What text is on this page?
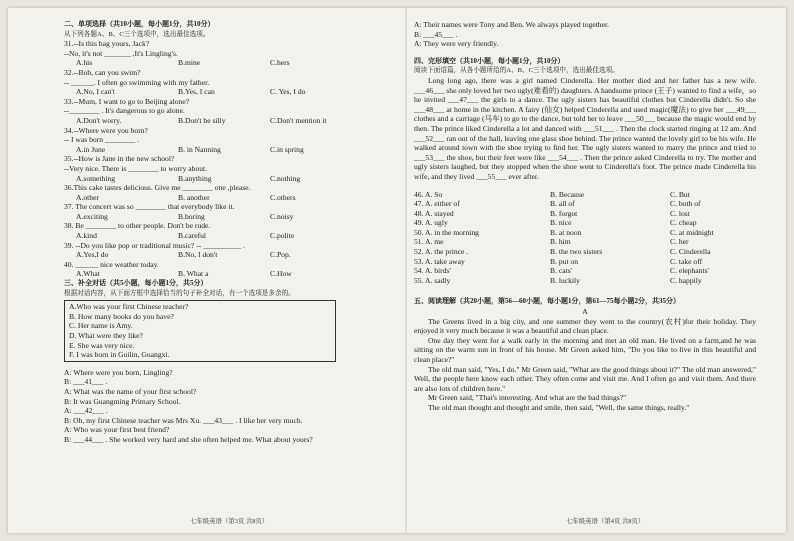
二、单项选择（共10小题，每小题1分，共10分）
从下列各题A、B、C三个选项中，选出最佳选项。
31.--Is this bag yours, Jack?
--No, it's not _______ ,It's Lingling's.
A.his	B.mine	C.hers
32.--Bob, can you swim?
-- ______. I often go swimming with my father.
A.No, I can't	B.Yes, I can	C. Yes, I do
33.--Mum, I want to go to Beijing alone?
--________ . It's dangerous to go alone.
A.Don't worry.	B.Don't be silly	C.Don't mention it
34.--Where were you born?
-- I was born ________ .
A.in June	B. in Nanning	C.in spring
35.--How is Jane in the new school?
--Very nice. There is ________ to worry about.
A.something	B.anything	C.nothing
36.This cake tastes delicious. Give me ________ one ,please.
A.other	B. another	C.others
37. The concert was so ________ that everybody like it.
A.exciting	B.boring	C.noisy
38. Be ________ to other people. Don't be rude.
A.kind	B.careful	C.polite
39. --Do you like pop or traditional music? -- __________ .
A.Yes,I do	B.No, I don't	C.Pop.
40. ______ nice weather today.
A.What	B. What a	C.How
三、补全对话（共5小题，每小题1分，共5分）
根据对话内容，从下面方框中选择恰当的句子补全对话，有一个选项是多余的。
A.Who was your first Chinese teacher?
B. How many books do you have?
C. Her name is Amy.
D. What were they like?
E. She was very nice.
F. I was born in Guilin, Guangxi.
A: Where were you born, Lingling?
B: ___41___ .
A: What was the name of your first school?
B: It was Guangming Primary School.
A: ___42___ .
B: Oh, my first Chinese teacher was Mrs Xu. ___43___ . I like her very much.
A: Who was your first best friend?
B: ___44___ . She worked very hard and she often helped me. What about yours?
七年级英语（第3页 共8页）
A: Their names were Tony and Ben. We always played together.
B: ___45___ .
A: They were very friendly.
四、完形填空（共10小题，每小题1分，共10分）
阅读下面语篇，从各小题所给的A、B、C三个选项中，选出最佳选项。
Long long ago, there was a girl named Cinderella. Her mother died and her father has a new wife. ___46___ she only loved her two ugly(难看的) daughters. A handsome prince (王子) wanted to find a wife，so he invited ___47___ the girls to a dance. The ugly sisters has beautiful clothes but Cinderella didn't. So she ___48___ at home in the kitchen. A fairy (仙女) helped Cinderella and used magic(魔法) to give her ___49___ clothes and a carriage (马车) to go to the dance, but told her to leave ___50___ because the magic would end by then. The prince liked Cinderella a lot and danced with ___51___ . Then the clock started ringing at 12 am. And ___52___ ran out of the hall, leaving one glass shoe behind. The prince wanted the lovely girl to be his wife. He walked around town with the shoe trying to find her. The ugly sisters wanted to marry the prince and tried to ___53___ the shoe, but their feet were like ___54___ . Then the prince asked Cinderella to try. The mother and ugly sisters laughed, but they stopped when the shoe went to Cinderella's foot. The prince made Cinderella his wife, and they lived ___55___ ever after.
46. A. So	B. Because	C. But
47. A. either of	B. all of	C. both of
48. A. stayed	B. forgot	C. lost
49. A. ugly	B. nice	C. cheap
50. A. in the morning	B. at noon	C. at midnight
51. A. me	B. him	C. her
52. A. the prince .	B. the two sisters	C. Cinderella
53. A. take away	B. put on	C. take off
54. A. birds'	B. cats'	C. elephants'
55. A. sadly	B. luckily	C. happily
五、阅读理解（共20小题，第56—60小题，每小题1分，第61—75每小题2分，共35分）
A
The Greens lived in a big city, and one summer they went to the country(农村)for their holiday. They enjoyed it very much because it was a beautiful and clean place.
One day they went for a walk early in the morning and met an old man. He lived on a farm,and he was sitting on the warm sun in front of his house. Mr Green asked him, "Do you like to live in this beautiful and clean place?"
The old man said, "Yes, I do." Mr Green said, "What are the good things about it?" The old man answered," Well, the people here know each other. They often come and visit me. And I often go and visit them. And there are also lots of children here."
Mr Green said, "That's interesting. And what are the bad things?"
The old man thought and thought and smile, then said, "Well, the same things, really."
七年级英语（第4页 共8页）
